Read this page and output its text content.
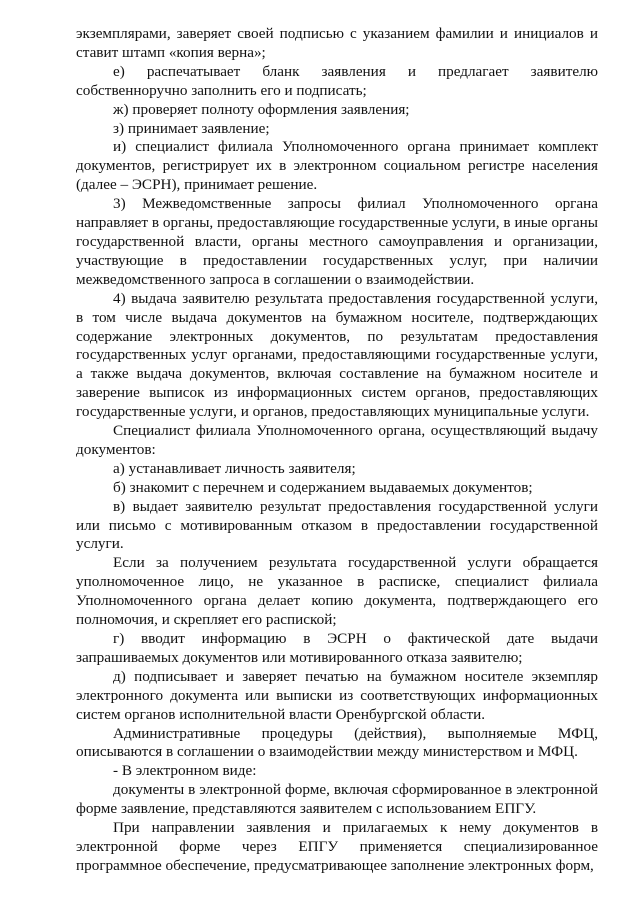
экземплярами, заверяет своей подписью с указанием фамилии и инициалов и ставит штамп «копия верна»;

е) распечатывает бланк заявления и предлагает заявителю собственноручно заполнить его и подписать;

ж) проверяет полноту оформления заявления;

з) принимает заявление;

и) специалист филиала Уполномоченного органа принимает комплект документов, регистрирует их в электронном социальном регистре населения (далее – ЭСРН), принимает решение.

3) Межведомственные запросы филиал Уполномоченного органа направляет в органы, предоставляющие государственные услуги, в иные органы государственной власти, органы местного самоуправления и организации, участвующие в предоставлении государственных услуг, при наличии межведомственного запроса в соглашении о взаимодействии.

4) выдача заявителю результата предоставления государственной услуги, в том числе выдача документов на бумажном носителе, подтверждающих содержание электронных документов, по результатам предоставления государственных услуг органами, предоставляющими государственные услуги, а также выдача документов, включая составление на бумажном носителе и заверение выписок из информационных систем органов, предоставляющих государственные услуги, и органов, предоставляющих муниципальные услуги.

Специалист филиала Уполномоченного органа, осуществляющий выдачу документов:

а) устанавливает личность заявителя;

б) знакомит с перечнем и содержанием выдаваемых документов;

в) выдает заявителю результат предоставления государственной услуги или письмо с мотивированным отказом в предоставлении государственной услуги.

Если за получением результата государственной услуги обращается уполномоченное лицо, не указанное в расписке, специалист филиала Уполномоченного органа делает копию документа, подтверждающего его полномочия, и скрепляет его распиской;

г) вводит информацию в ЭСРН о фактической дате выдачи запрашиваемых документов или мотивированного отказа заявителю;

д) подписывает и заверяет печатью на бумажном носителе экземпляр электронного документа или выписки из соответствующих информационных систем органов исполнительной власти Оренбургской области.

Административные процедуры (действия), выполняемые МФЦ, описываются в соглашении о взаимодействии между министерством и МФЦ.

- В электронном виде:

документы в электронной форме, включая сформированное в электронной форме заявление, представляются заявителем с использованием ЕПГУ.

При направлении заявления и прилагаемых к нему документов в электронной форме через ЕПГУ применяется специализированное программное обеспечение, предусматривающее заполнение электронных форм,
